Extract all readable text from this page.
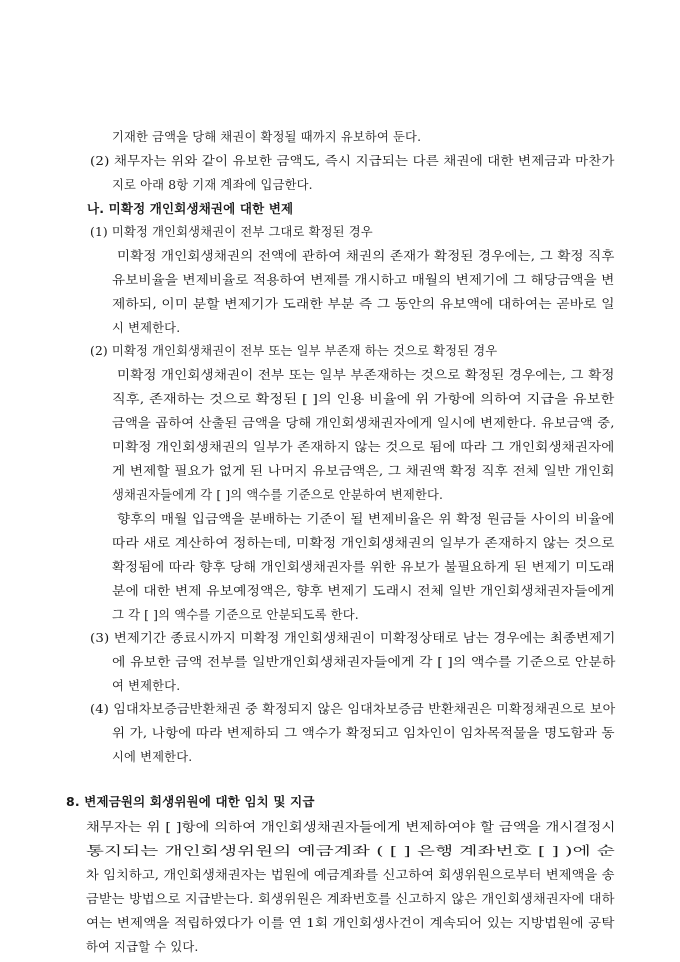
기재한 금액을 당해 채권이 확정될 때까지 유보하여 둔다.
(2) 채무자는 위와 같이 유보한 금액도, 즉시 지급되는 다른 채권에 대한 변제금과 마찬가
지로 아래 8항 기재 계좌에 입금한다.
나. 미확정 개인회생채권에 대한 변제
(1) 미확정 개인회생채권이 전부 그대로 확정된 경우
미확정 개인회생채권의 전액에 관하여 채권의 존재가 확정된 경우에는, 그 확정 직후
유보비율을 변제비율로 적용하여 변제를 개시하고 매월의 변제기에 그 해당금액을 변
제하되, 이미 분할 변제기가 도래한 부분 즉 그 동안의 유보액에 대하여는 곧바로 일
시 변제한다.
(2) 미확정 개인회생채권이 전부 또는 일부 부존재 하는 것으로 확정된 경우
미확정 개인회생채권이 전부 또는 일부 부존재하는 것으로 확정된 경우에는, 그 확정
직후, 존재하는 것으로 확정된 [ ]의 인용 비율에 위 가항에 의하여 지급을 유보한
금액을 곱하여 산출된 금액을 당해 개인회생채권자에게 일시에 변제한다. 유보금액 중,
미확정 개인회생채권의 일부가 존재하지 않는 것으로 됨에 따라 그 개인회생채권자에
게 변제할 필요가 없게 된 나머지 유보금액은, 그 채권액 확정 직후 전체 일반 개인회
생채권자들에게 각 [ ]의 액수를 기준으로 안분하여 변제한다.
향후의 매월 입금액을 분배하는 기준이 될 변제비율은 위 확정 원금들 사이의 비율에
따라 새로 계산하여 정하는데, 미확정 개인회생채권의 일부가 존재하지 않는 것으로
확정됨에 따라 향후 당해 개인회생채권자를 위한 유보가 불필요하게 된 변제기 미도래
분에 대한 변제 유보예정액은, 향후 변제기 도래시 전체 일반 개인회생채권자들에게
그 각 [ ]의 액수를 기준으로 안분되도록 한다.
(3) 변제기간 종료시까지 미확정 개인회생채권이 미확정상태로 남는 경우에는 최종변제기
에 유보한 금액 전부를 일반개인회생채권자들에게 각 [ ]의 액수를 기준으로 안분하
여 변제한다.
(4) 임대차보증금반환채권 중 확정되지 않은 임대차보증금 반환채권은 미확정채권으로 보아
위 가, 나항에 따라 변제하되 그 액수가 확정되고 임차인이 임차목적물을 명도함과 동
시에 변제한다.
8. 변제금원의 회생위원에 대한 임치 및 지급
채무자는 위 [ ]항에 의하여 개인회생채권자들에게 변제하여야 할 금액을 개시결정시
통지되는 개인회생위원의 예금계좌 ( [ ] 은행 계좌번호 [ ] )에 순
차 임치하고, 개인회생채권자는 법원에 예금계좌를 신고하여 회생위원으로부터 변제액을 송
금받는 방법으로 지급받는다. 회생위원은 계좌번호를 신고하지 않은 개인회생채권자에 대하
여는 변제액을 적립하였다가 이를 연 1회 개인회생사건이 계속되어 있는 지방법원에 공탁
하여 지급할 수 있다.
